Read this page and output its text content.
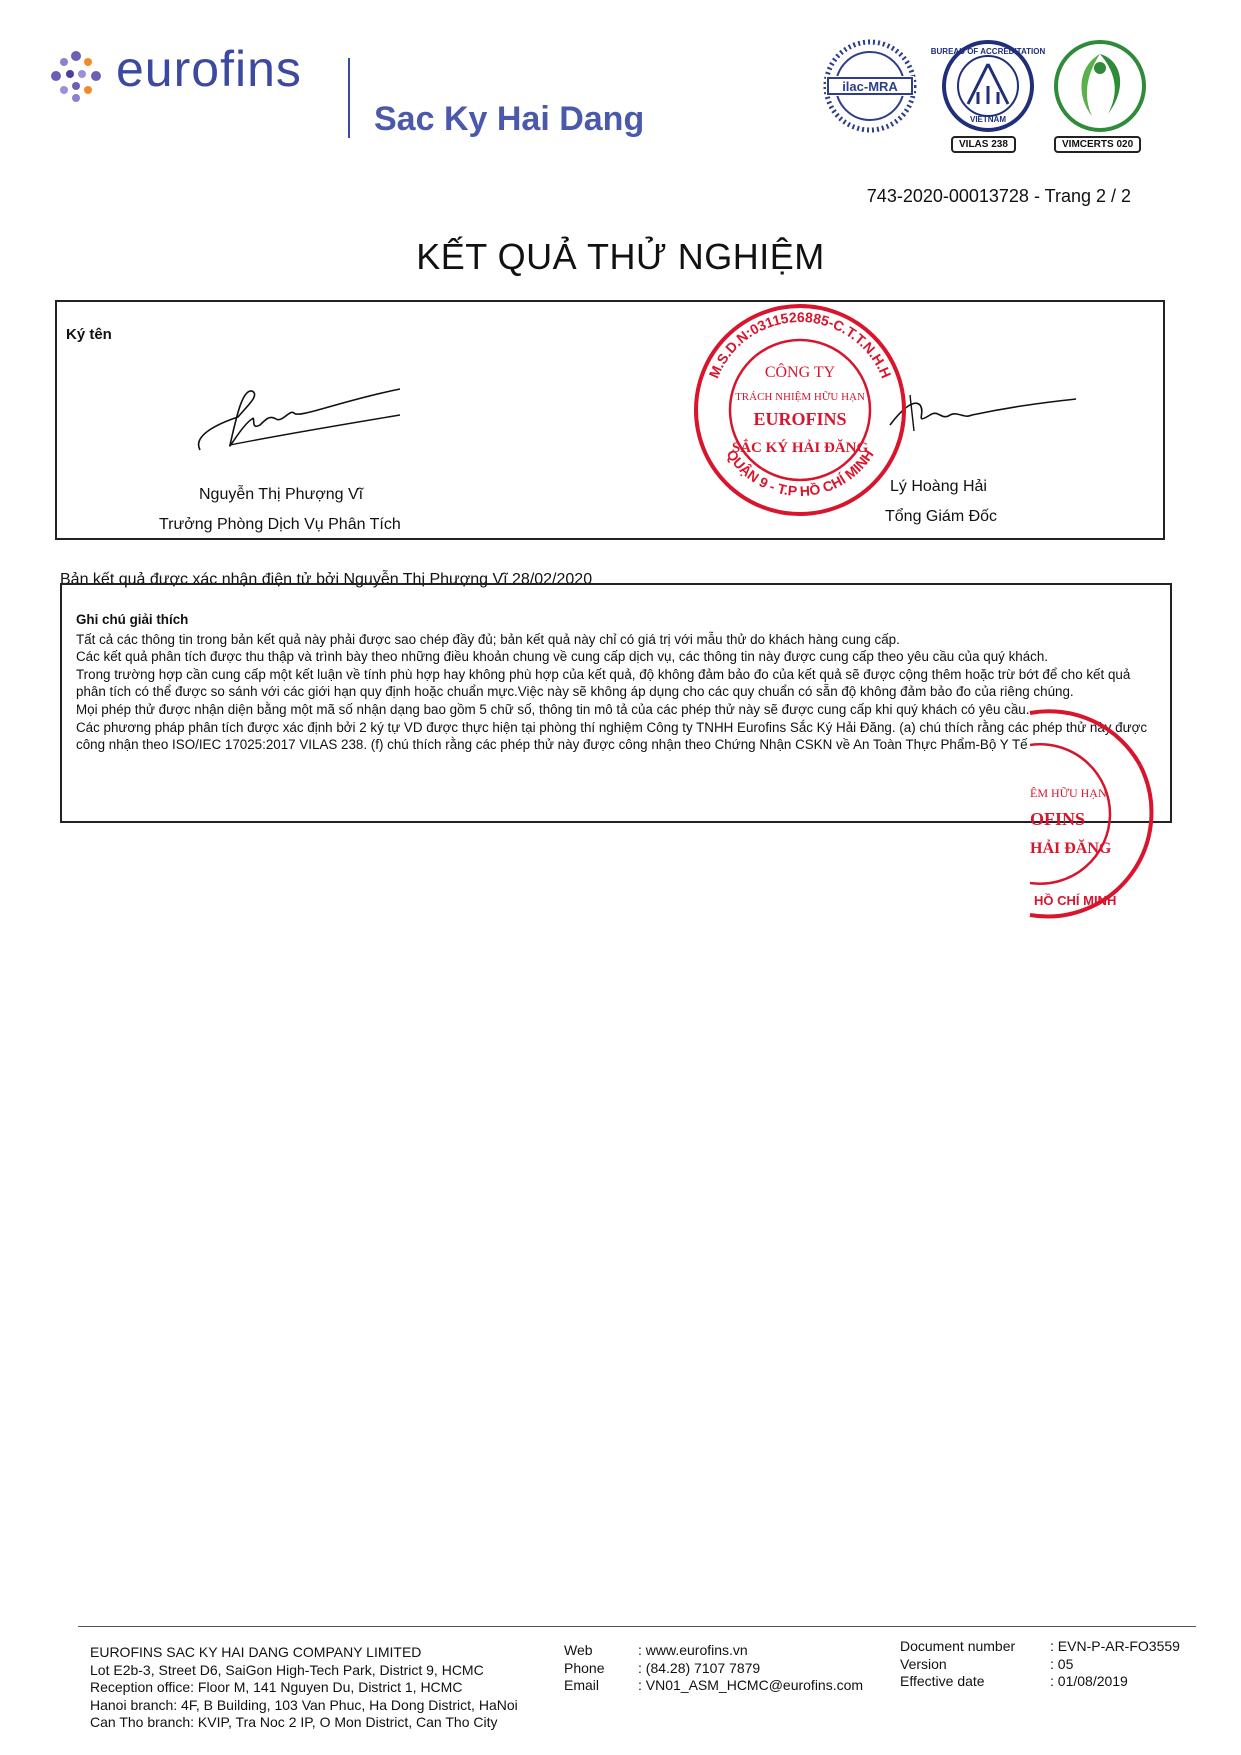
eurofins
Sac Ky Hai Dang
ilac-MRA
BUREAU OF ACCREDITATION
VIETNAM
VILAS 238	VIMCERTS 020
743-2020-00013728 - Trang 2 / 2
KẾT QUẢ THỬ NGHIỆM
Ký tên
Nguyễn Thị Phượng Vĩ
Trưởng Phòng Dịch Vụ Phân Tích
Lý Hoàng Hải
Tổng Giám Đốc
M.S.D.N:0311526885-C.T.T.N.H.H
QUẬN 9 - T.P HỒ CHÍ MINH
CÔNG TY
TRÁCH NHIỆM HỮU HẠN
EUROFINS
SẮC KÝ HẢI ĐĂNG
Bản kết quả được xác nhận điện tử bởi Nguyễn Thị Phượng Vĩ 28/02/2020

Ghi chú giải thích

Tất cả các thông tin trong bản kết quả này phải được sao chép đầy đủ; bản kết quả này chỉ có giá trị với mẫu thử do khách hàng cung cấp.

Các kết quả phân tích được thu thập và trình bày theo những điều khoản chung về cung cấp dịch vụ, các thông tin này được cung cấp theo yêu cầu của quý khách.

Trong trường hợp cần cung cấp một kết luận về tính phù hợp hay không phù hợp của kết quả, độ không đảm bảo đo của kết quả sẽ được cộng thêm hoặc trừ bớt để cho kết quả phân tích có thể được so sánh với các giới hạn quy định hoặc chuẩn mực.Việc này sẽ không áp dụng cho các quy chuẩn có sẵn độ không đảm bảo đo của riêng chúng.

Mọi phép thử được nhận diện bằng một mã số nhận dạng bao gồm 5 chữ số, thông tin mô tả của các phép thử này sẽ được cung cấp khi quý khách có yêu cầu.

Các phương pháp phân tích được xác định bởi 2 ký tự VD được thực hiện tại phòng thí nghiệm Công ty TNHH Eurofins Sắc Ký Hải Đăng. (a) chú thích rằng các phép thử này được công nhận theo ISO/IEC 17025:2017 VILAS 238. (f) chú thích rằng các phép thử này được công nhận theo Chứng Nhận CSKN về An Toàn Thực Phẩm-Bộ Y Tế

ÊM HỮU HẠN
OFINS
HẢI ĐĂNG
HỒ CHÍ MINH
EUROFINS SAC KY HAI DANG COMPANY LIMITED
Lot E2b-3, Street D6, SaiGon High-Tech Park, District 9, HCMC
Reception office: Floor M, 141 Nguyen Du, District 1, HCMC
Hanoi branch: 4F, B Building, 103 Van Phuc, Ha Dong District, HaNoi
Can Tho branch: KVIP, Tra Noc 2 IP, O Mon District, Can Tho City
Web
Phone
Email
: www.eurofins.vn
: (84.28) 7107 7879
: VN01_ASM_HCMC@eurofins.com
Document number
Version
Effective date
: EVN-P-AR-FO3559
: 05
: 01/08/2019
